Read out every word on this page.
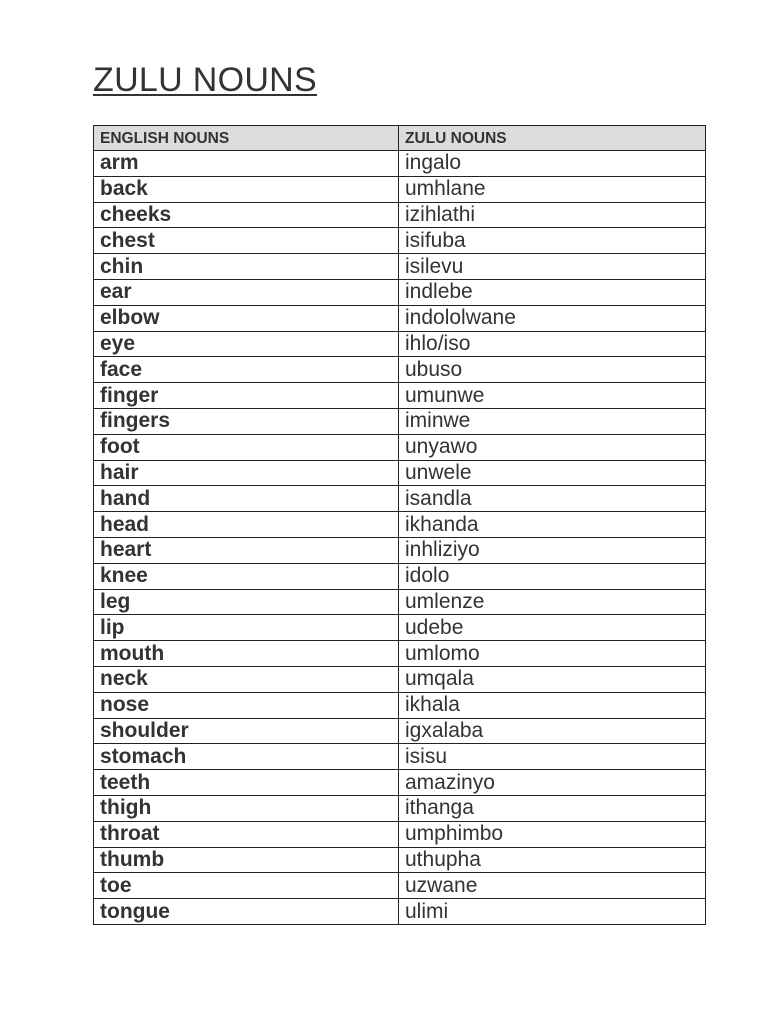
ZULU NOUNS
ENGLISH NOUNS	ZULU NOUNS
arm	ingalo
back	umhlane
cheeks	izihlathi
chest	isifuba
chin	isilevu
ear	indlebe
elbow	indololwane
eye	ihlo/iso
face	ubuso
finger	umunwe
fingers	iminwe
foot	unyawo
hair	unwele
hand	isandla
head	ikhanda
heart	inhliziyo
knee	idolo
leg	umlenze
lip	udebe
mouth	umlomo
neck	umqala
nose	ikhala
shoulder	igxalaba
stomach	isisu
teeth	amazinyo
thigh	ithanga
throat	umphimbo
thumb	uthupha
toe	uzwane
tongue	ulimi
